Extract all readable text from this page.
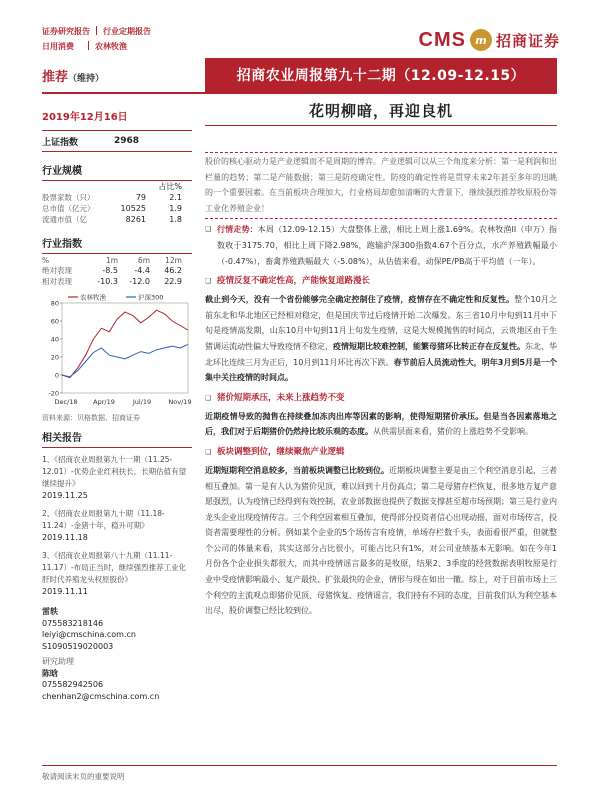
证券研究报告 行业定期报告
日用消费	农林牧渔	CMS m 招商证券
推荐（维持）	招商农业周报第九十二期（12.09-12.15）
2019年12月16日	花明柳暗，再迎良机
上证指数	2968
行业规模
占比%
股票家数（只）	79	2.1
总市值（亿元）	10525	1.9
流通市值（亿	8261	1.8
行业指数
%	1m	6m	12m
绝对表现	-8.5	-4.4	46.2
相对表现	-10.3	-12.0	22.9
-20
0
20
40
60
80
Dec/18 Apr/19	Jul/19	Nov/19
农林牧渔	沪深300
资料来源：贝格数据、招商证券
相关报告
1、《招商农业周报第九十一期（11.25-12.01）-优势企业红利扶长，长期估值有望继续提升》
2019.11.25
2、《招商农业周报第九十期（11.18-11.24）-金猪十年，稳升可期》
2019.11.18
3、《招商农业周报第八十九期（11.11-11.17）-布局正当时，继续强烈推荐工业化肝时代养殖龙头权原股份》
2019.11.11
雷轶
075583218146
leiyi@cmschina.com.cn
S1090519020003
研究助理
陈晗
075582942506
chenhan2@cmschina.com.cn
股价的核心驱动力是产业逻辑而不是周期的博弈。产业逻辑可以从三个角度来分析：第一是利润和出栏量的趋势；第二是产能数据；第三是防疫确定性。防疫的确定性将是贯穿未来2年甚至多年的迅眺的一个重要因素。在当前板块合理加大，行业格局却愈加清晰的大背景下，继续强烈推荐牧原股份等工业化养殖企业！
❑ 行情走势：本周（12.09-12.15）大盘整体上涨，相比上周上涨1.69%。农林牧渔II（申万）指数收于3175.70，相比上周下降2.98%，跑输沪深300指数4.67个百分点，水产养殖跌幅最小（-0.47%），畜禽养殖跌幅最大（-5.08%），从估值来看，动保PE/PB高于平均值（一年）。
❑ 疫情反复不确定性高，产能恢复道路漫长
截止到今天，没有一个省份能够完全确定控制住了疫情，疫情存在不确定性和反复性。整个10月之前东北和华北地区已经相对稳定，但是国庆节过后疫情开始二次爆发。东三省10月中旬到11月中下旬是疫情高发期，山东10月中旬到11月上旬发生疫情，这是大规模抛售的时间点，云贵地区由于生猪调运流动性偏大导致疫情不稳定，疫情短期比较难控制，能繁母猪环比转正存在反复性。东北、华北环比连续三月为正后，10月到11月环比再次下跌。春节前后人员流动性大，明年3月到5月是一个集中关注疫情的时间点。
❑ 猪价短期承压，未来上涨趋势不变
近期疫情导致的抛售在持续叠加冻肉出库等因素的影响，使得短期猪价承压。但是当各因素落地之后，我们对于后期猪价仍然持比较乐观的态度。从供需层面来看，猪价的上涨趋势不受影响。
❑ 板块调整到位，继续聚焦产业逻辑
近期短期利空消息较多，当前板块调整已比较到位。近期板块调整主要是由三个利空消息引起，三者相互叠加。第一是有人认为猪价见顶，难以回到十月份高点；第二是母猪存栏恢复，很多地方复产意愿强烈，认为疫情已经得到有效控制，农业部数据也提供了数据支撑甚至超市场预期；第三是行业内龙头企业出现疫情传言。三个利空因素相互叠加，使得部分投资者信心出现动摇，面对市场传言，投资者需要理性的分析。例如某个企业的5个场传言有疫情，单场存栏数千头，表面看很严重，但就整个公司的体量来看，其实这部分占比很小，可能占比只有1%，对公司业绩基本无影响。如在今年1月份各个企业损失都很大，而其中疫情谣言最多的是牧原，结果2、3季度的经营数据表明牧原是行业中受疫情影响最小、复产最快、扩张最快的企业，情形与现在如出一辙。综上，对于目前市场上三个利空的主流观点即猪价见顶、母猪恢复、疫情谣言，我们持有不同的态度，目前我们认为利空基本出尽，股价调整已经比较到位。
敬请阅读末页的重要说明
